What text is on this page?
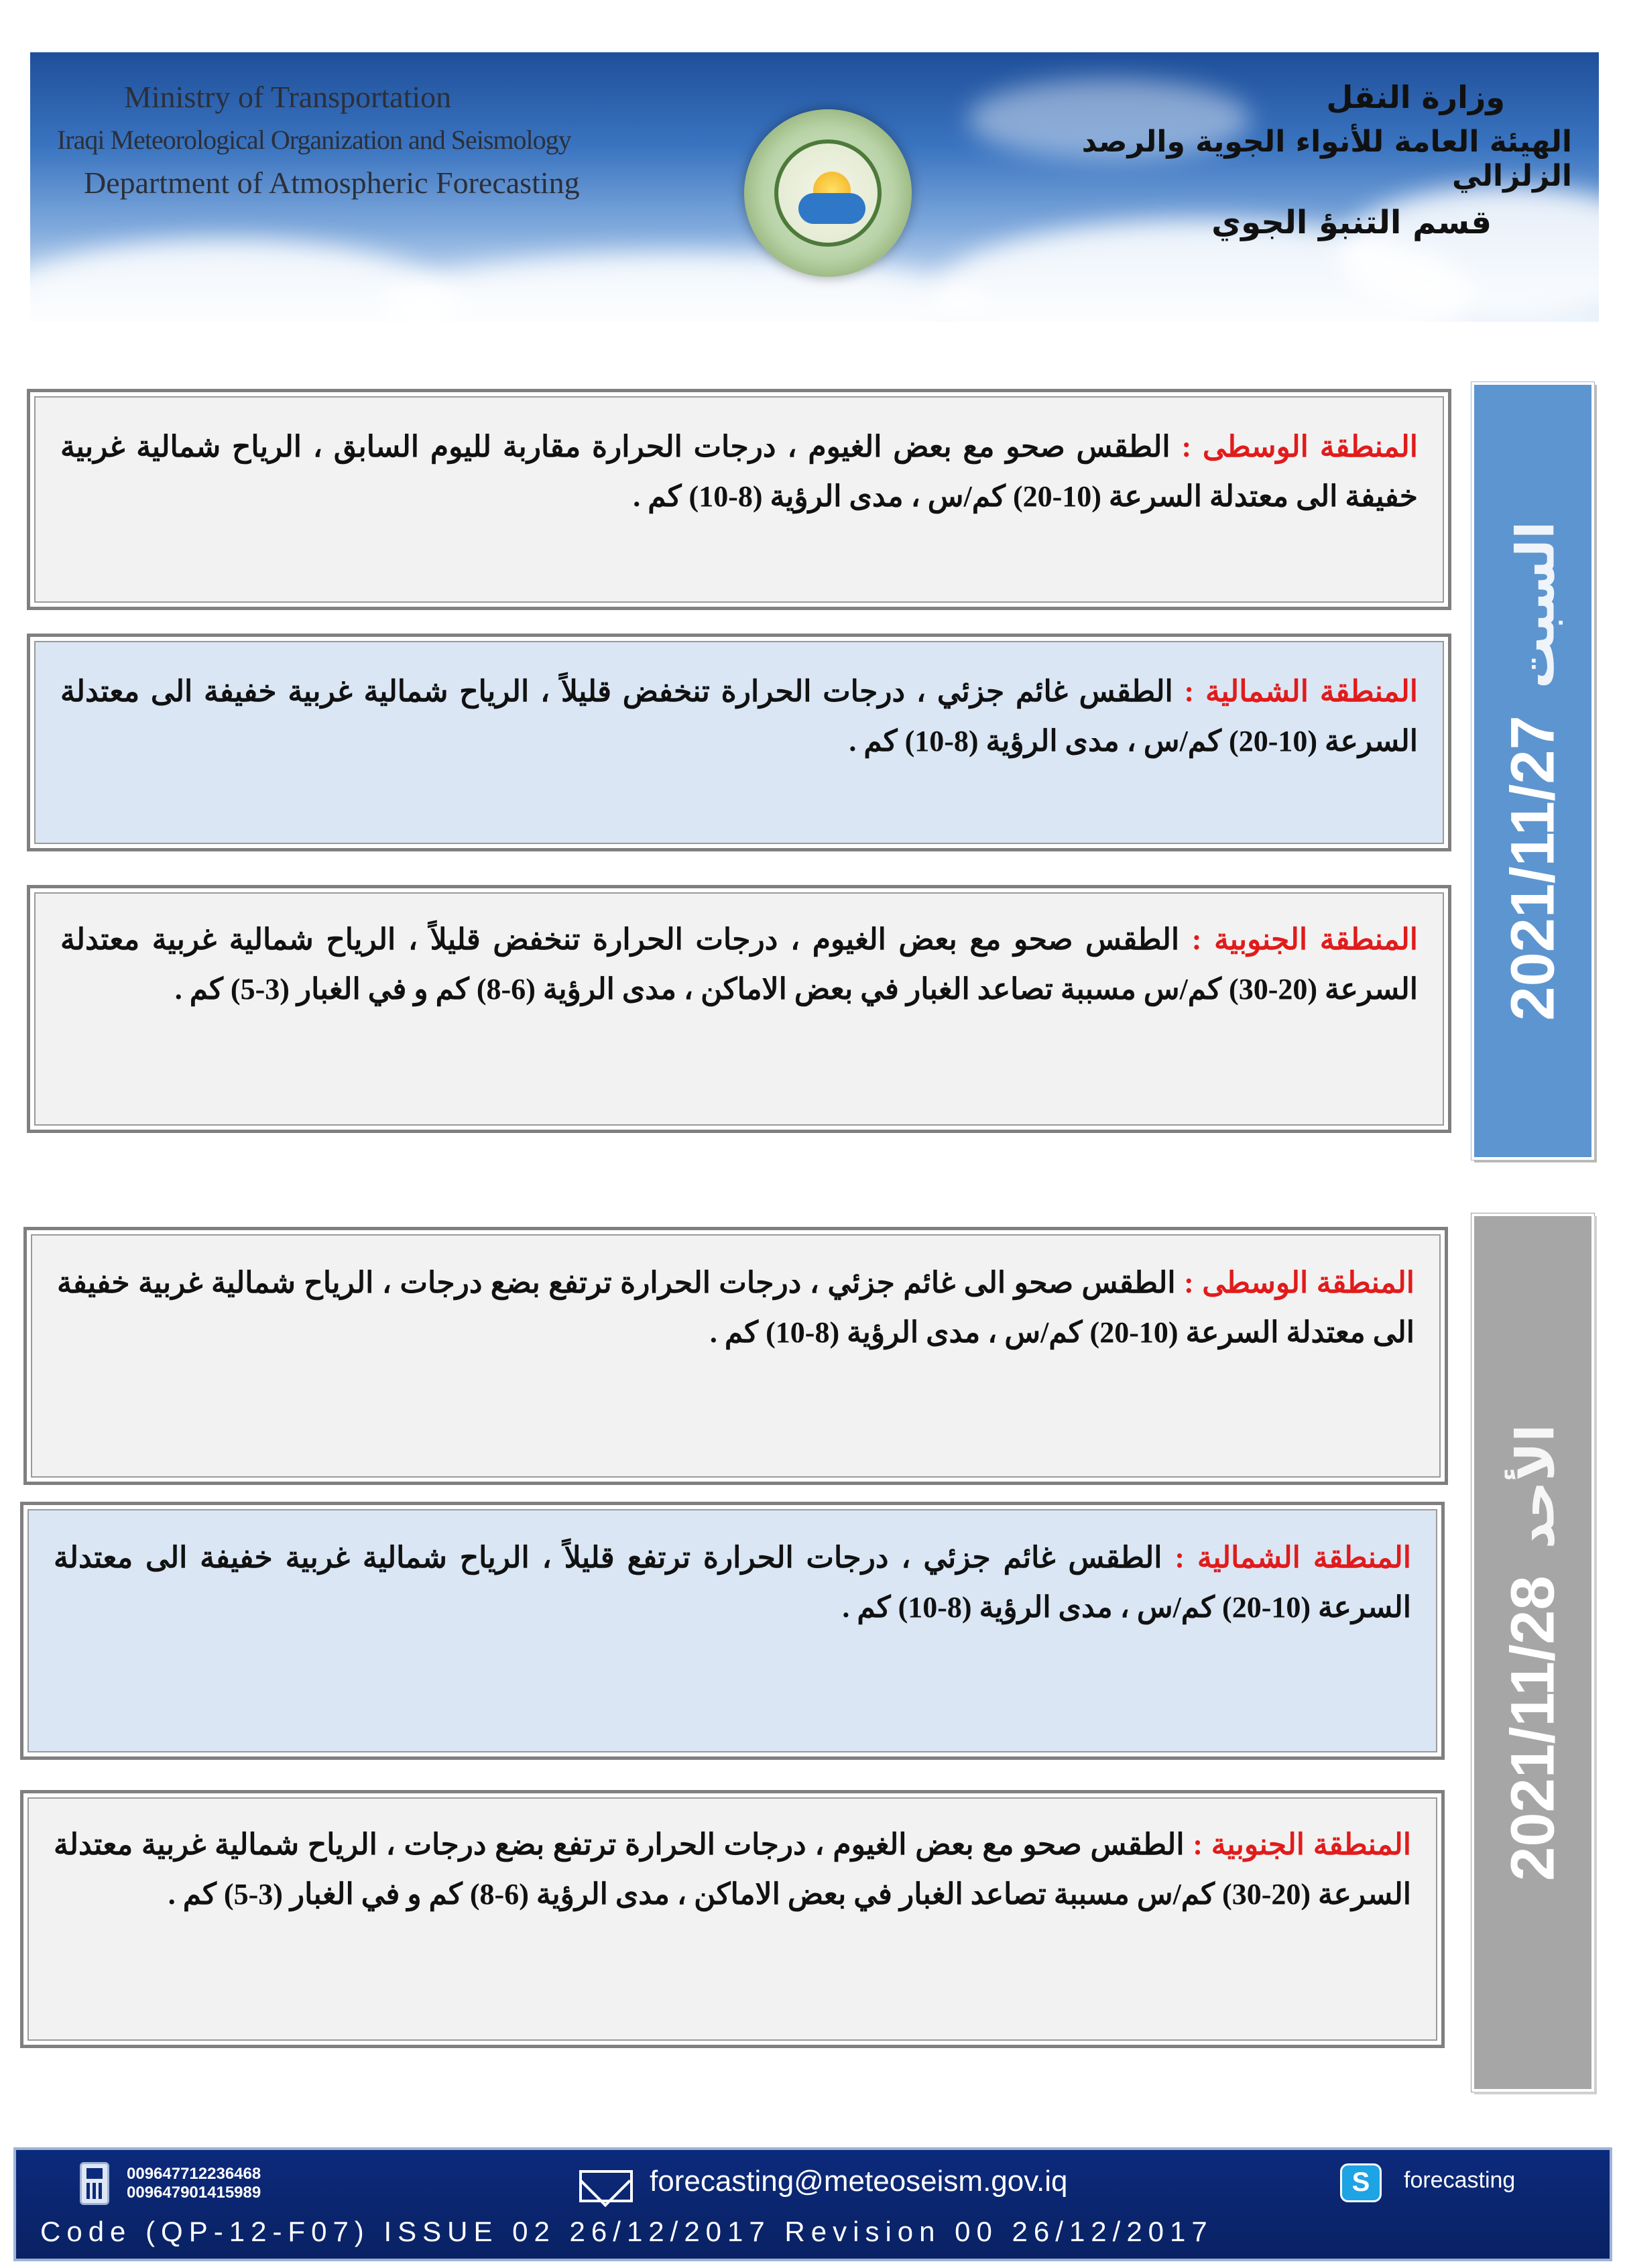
Ministry of Transportation
Iraqi Meteorological Organization and Seismology
Department of Atmospheric Forecasting
وزارة النقل
الهيئة العامة للأنواء الجوية والرصد الزلزالي
قسم التنبؤ الجوي
المنطقة الوسطى : الطقس صحو مع بعض الغيوم ، درجات الحرارة مقاربة لليوم السابق ، الرياح شمالية غربية خفيفة الى معتدلة السرعة (10-20) كم/س ، مدى الرؤية (8-10) كم .
المنطقة الشمالية : الطقس غائم جزئي ، درجات الحرارة تنخفض قليلاً ، الرياح شمالية غربية خفيفة الى معتدلة السرعة (10-20) كم/س ، مدى الرؤية (8-10) كم .
المنطقة الجنوبية : الطقس صحو مع بعض الغيوم ، درجات الحرارة تنخفض قليلاً ، الرياح شمالية غربية معتدلة السرعة (20-30) كم/س مسببة تصاعد الغبار في بعض الاماكن ، مدى الرؤية (6-8) كم و في الغبار (3-5) كم .	2021/11/27السبت
المنطقة الوسطى : الطقس صحو الى غائم جزئي ، درجات الحرارة ترتفع بضع درجات ، الرياح شمالية غربية خفيفة الى معتدلة السرعة (10-20) كم/س ، مدى الرؤية (8-10) كم .
المنطقة الشمالية : الطقس غائم جزئي ، درجات الحرارة ترتفع قليلاً ، الرياح شمالية غربية خفيفة الى معتدلة السرعة (10-20) كم/س ، مدى الرؤية (8-10) كم .
المنطقة الجنوبية : الطقس صحو مع بعض الغيوم ، درجات الحرارة ترتفع بضع درجات ، الرياح شمالية غربية معتدلة السرعة (20-30) كم/س مسببة تصاعد الغبار في بعض الاماكن ، مدى الرؤية (6-8) كم و في الغبار (3-5) كم .
2021/11/28الأحد
009647712236468
009647901415989	forecasting@meteoseism.gov.iq	S	forecasting
Code (QP-12-F07) ISSUE 02 26/12/2017 Revision 00 26/12/2017
